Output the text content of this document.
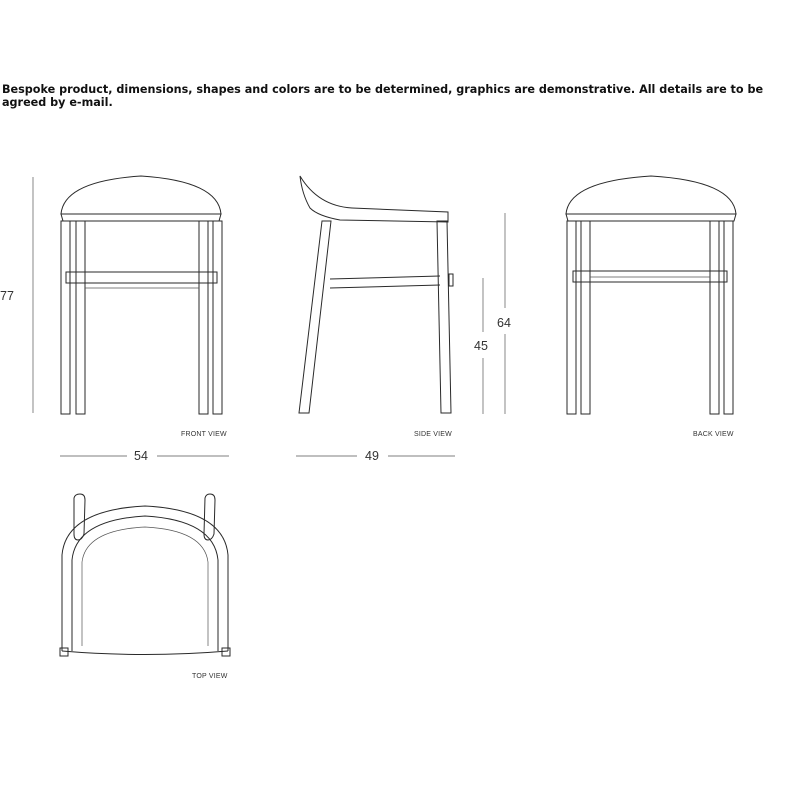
Bespoke product, dimensions, shapes and colors are to be determined, graphics are demonstrative. All details are to be agreed by e-mail.

77
54
FRONT VIEW
45
64
49
SIDE VIEW	BACK VIEW
TOP VIEW
